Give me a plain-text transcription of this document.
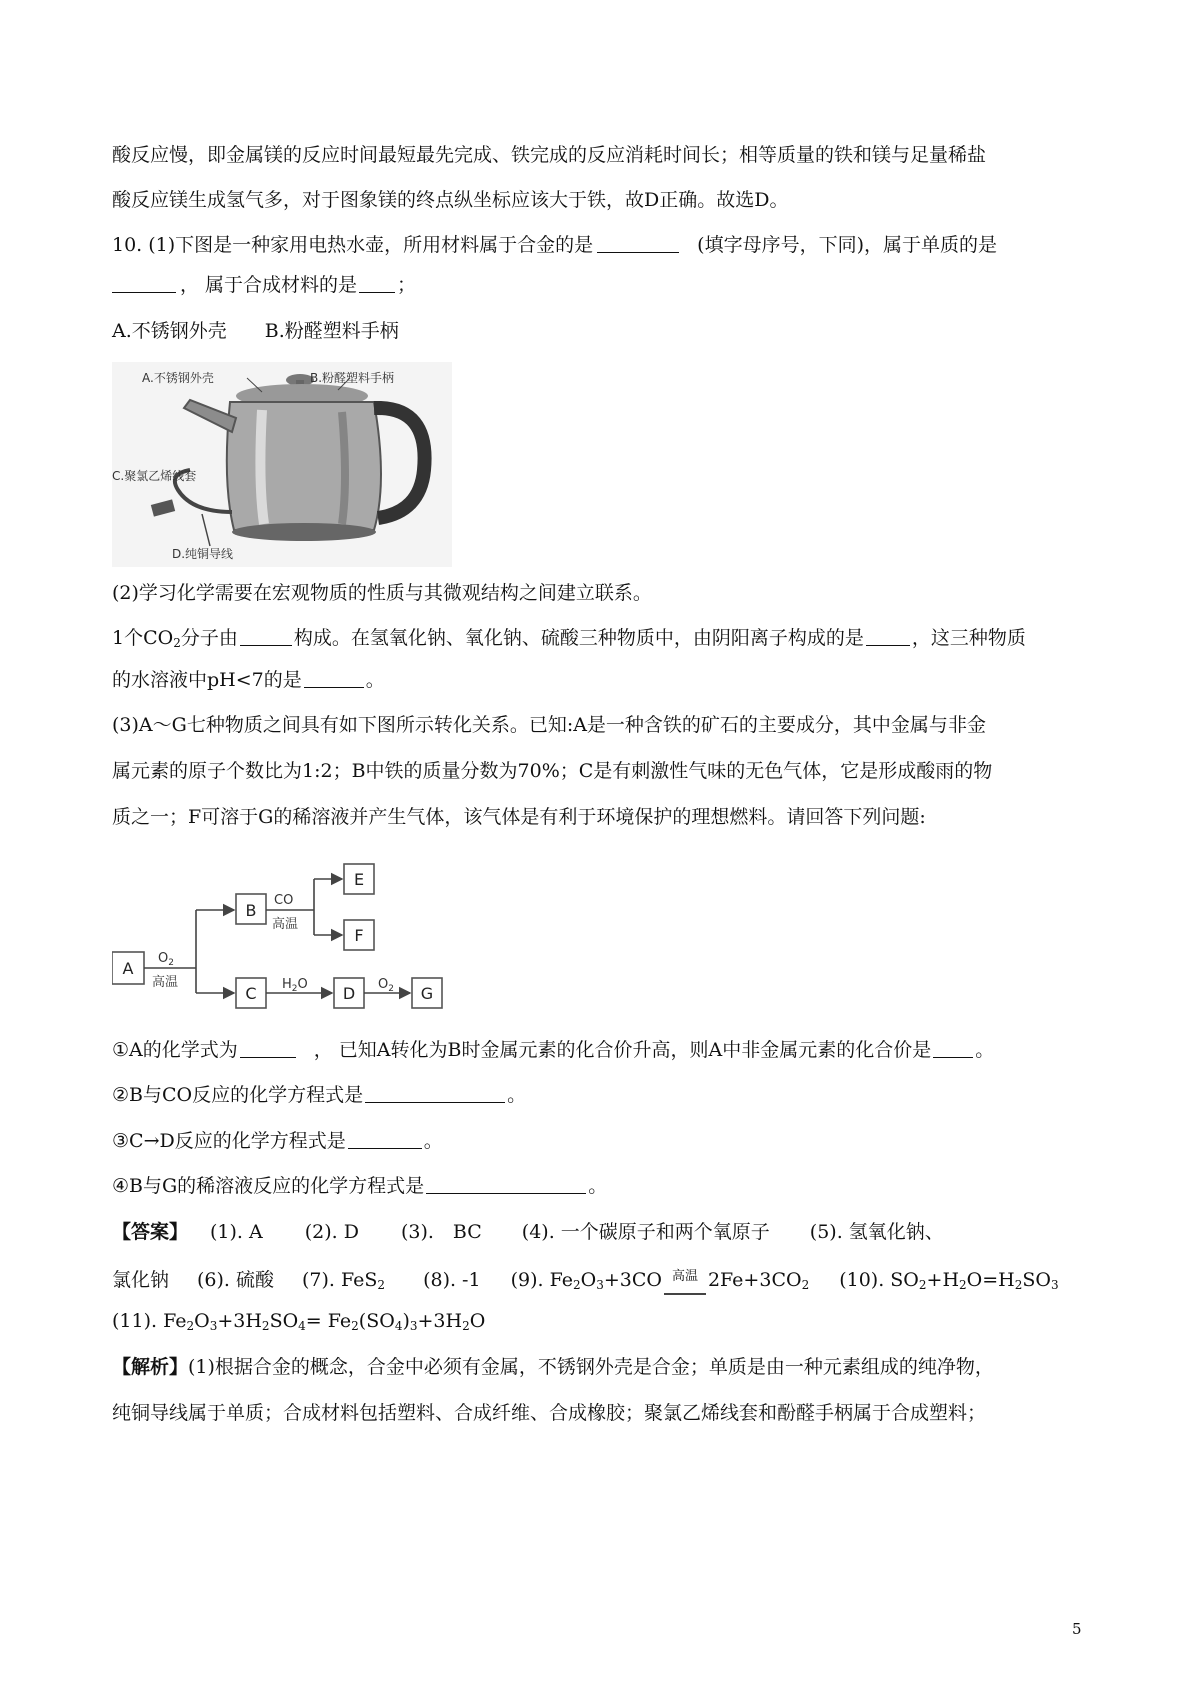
酸反应慢，即金属镁的反应时间最短最先完成、铁完成的反应消耗时间长；相等质量的铁和镁与足量稀盐
酸反应镁生成氢气多，对于图象镁的终点纵坐标应该大于铁，故D正确。故选D。
10. (1)下图是一种家用电热水壶，所用材料属于合金的是	(填字母序号，下同)，属于单质的是
， 属于合成材料的是 ；
A.不锈钢外壳　　B.粉醛塑料手柄
A.不锈钢外壳	B.粉醛塑料手柄
C.聚氯乙烯线套
D.纯铜导线
(2)学习化学需要在宏观物质的性质与其微观结构之间建立联系。
1个$CO_2$分子由	构成。在氢氧化钠、氧化钠、硫酸三种物质中，由阴阳离子构成的是	，这三种物质
的水溶液中pH<7的是	。
(3)A～G七种物质之间具有如下图所示转化关系。已知:A是一种含铁的矿石的主要成分，其中金属与非金
属元素的原子个数比为1:2；B中铁的质量分数为70%；C是有刺激性气味的无色气体，它是形成酸雨的物
质之一；F可溶于G的稀溶液并产生气体，该气体是有利于环境保护的理想燃料。请回答下列问题:
A
B
C
E
F
D	G
$O_2$
高温
CO
高温
$H_2O$	$O_2$
①A的化学式为	， 已知A转化为B时金属元素的化合价升高，则A中非金属元素的化合价是 。
②B与CO反应的化学方程式是	。
③C→D反应的化学方程式是	。
④B与G的稀溶液反应的化学方程式是	。
【答案】 (1). A (2). D (3).　BC (4). 一个碳原子和两个氧原子 (5). 氢氧化钠、
氯化钠 (6). 硫酸 (7). FeS$_2$ (8). -1 (9). $Fe_2O_3+3CO$ 高温 $2Fe+3CO_2$ (10). $SO_2+H_2O=H_2SO_3$
(11). $Fe_2O_3+3H_2SO_4= Fe_2(SO_4)_3+3H_2O$
【解析】(1)根据合金的概念，合金中必须有金属，不锈钢外壳是合金；单质是由一种元素组成的纯净物，
纯铜导线属于单质；合成材料包括塑料、合成纤维、合成橡胶；聚氯乙烯线套和酚醛手柄属于合成塑料；
5
